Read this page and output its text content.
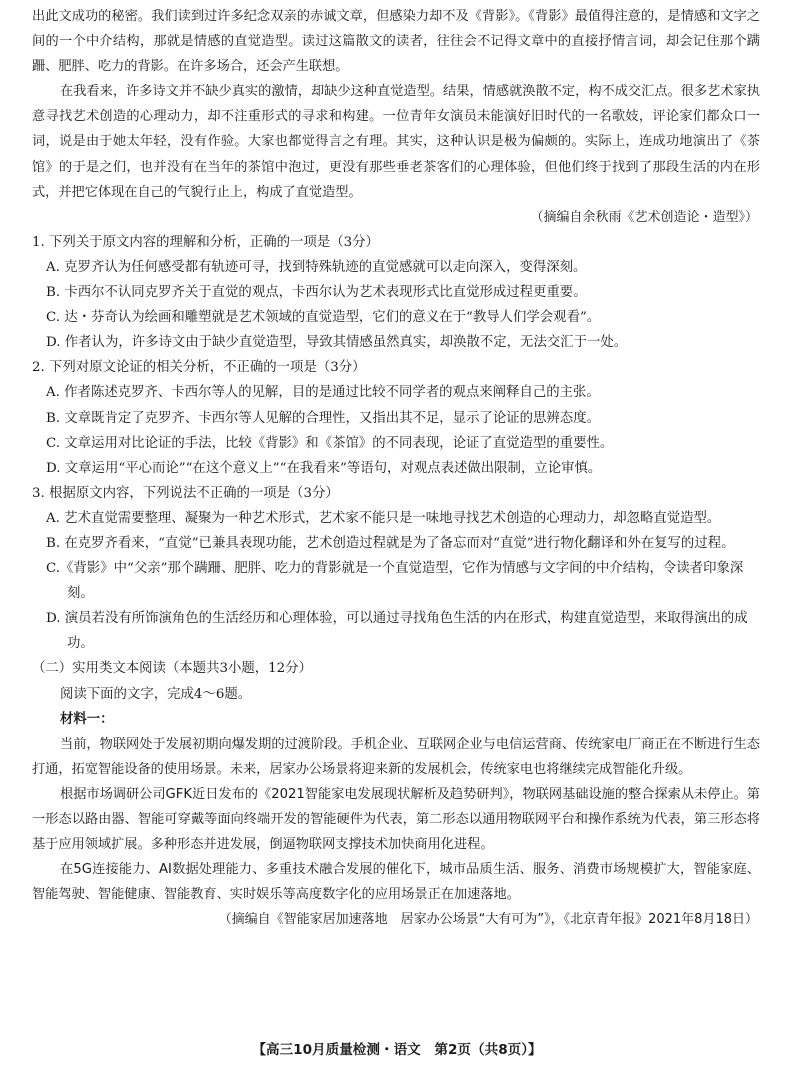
出此文成功的秘密。我们读到过许多纪念双亲的赤诚文章，但感染力却不及《背影》。《背影》最值得注意的，是情感和文字之间的一个中介结构，那就是情感的直觉造型。读过这篇散文的读者，往往会不记得文章中的直接抒情言词，却会记住那个蹒跚、肥胖、吃力的背影。在许多场合，还会产生联想。

在我看来，许多诗文并不缺少真实的激情，却缺少这种直觉造型。结果，情感就涣散不定，构不成交汇点。很多艺术家执意寻找艺术创造的心理动力，却不注重形式的寻求和构建。一位青年女演员未能演好旧时代的一名歌妓，评论家们都众口一词，说是由于她太年轻，没有作验。大家也都觉得言之有理。其实，这种认识是极为偏颇的。实际上，连成功地演出了《茶馆》的于是之们，也并没有在当年的茶馆中泡过，更没有那些垂老茶客们的心理体验，但他们终于找到了那段生活的内在形式，并把它体现在自己的气貌行止上，构成了直觉造型。

（摘编自余秋雨《艺术创造论・造型》）

1. 下列关于原文内容的理解和分析，正确的一项是（3分）

A. 克罗齐认为任何感受都有轨迹可寻，找到特殊轨迹的直觉感就可以走向深入，变得深刻。

B. 卡西尔不认同克罗齐关于直觉的观点，卡西尔认为艺术表现形式比直觉形成过程更重要。

C. 达・芬奇认为绘画和雕塑就是艺术领域的直觉造型，它们的意义在于“教导人们学会观看”。

D. 作者认为，许多诗文由于缺少直觉造型，导致其情感虽然真实，却涣散不定，无法交汇于一处。

2. 下列对原文论证的相关分析，不正确的一项是（3分）

A. 作者陈述克罗齐、卡西尔等人的见解，目的是通过比较不同学者的观点来阐释自己的主张。

B. 文章既肯定了克罗齐、卡西尔等人见解的合理性，又指出其不足，显示了论证的思辨态度。

C. 文章运用对比论证的手法，比较《背影》和《茶馆》的不同表现，论证了直觉造型的重要性。

D. 文章运用“平心而论”“在这个意义上”“在我看来”等语句，对观点表述做出限制，立论审慎。

3. 根据原文内容，下列说法不正确的一项是（3分）

A. 艺术直觉需要整理、凝聚为一种艺术形式，艺术家不能只是一味地寻找艺术创造的心理动力，却忽略直觉造型。

B. 在克罗齐看来，“直觉”已兼具表现功能，艺术创造过程就是为了备忘而对“直觉”进行物化翻译和外在复写的过程。

C.《背影》中“父亲”那个蹒跚、肥胖、吃力的背影就是一个直觉造型，它作为情感与文字间的中介结构，令读者印象深刻。

D. 演员若没有所饰演角色的生活经历和心理体验，可以通过寻找角色生活的内在形式，构建直觉造型，来取得演出的成功。

（二）实用类文本阅读（本题共3小题，12分）

阅读下面的文字，完成4～6题。

材料一：

当前，物联网处于发展初期向爆发期的过渡阶段。手机企业、互联网企业与电信运营商、传统家电厂商正在不断进行生态打通，拓宽智能设备的使用场景。未来，居家办公场景将迎来新的发展机会，传统家电也将继续完成智能化升级。

根据市场调研公司GFK近日发布的《2021智能家电发展现状解析及趋势研判》，物联网基础设施的整合探索从未停止。第一形态以路由器、智能可穿戴等面向终端开发的智能硬件为代表，第二形态以通用物联网平台和操作系统为代表，第三形态将基于应用领域扩展。多种形态并进发展，倒逼物联网支撑技术加快商用化进程。

在5G连接能力、AI数据处理能力、多重技术融合发展的催化下，城市品质生活、服务、消费市场规模扩大，智能家庭、智能驾驶、智能健康、智能教育、实时娱乐等高度数字化的应用场景正在加速落地。

（摘编自《智能家居加速落地　居家办公场景“大有可为”》，《北京青年报》2021年8月18日）

【高三10月质量检测・语文　第2页（共8页）】
